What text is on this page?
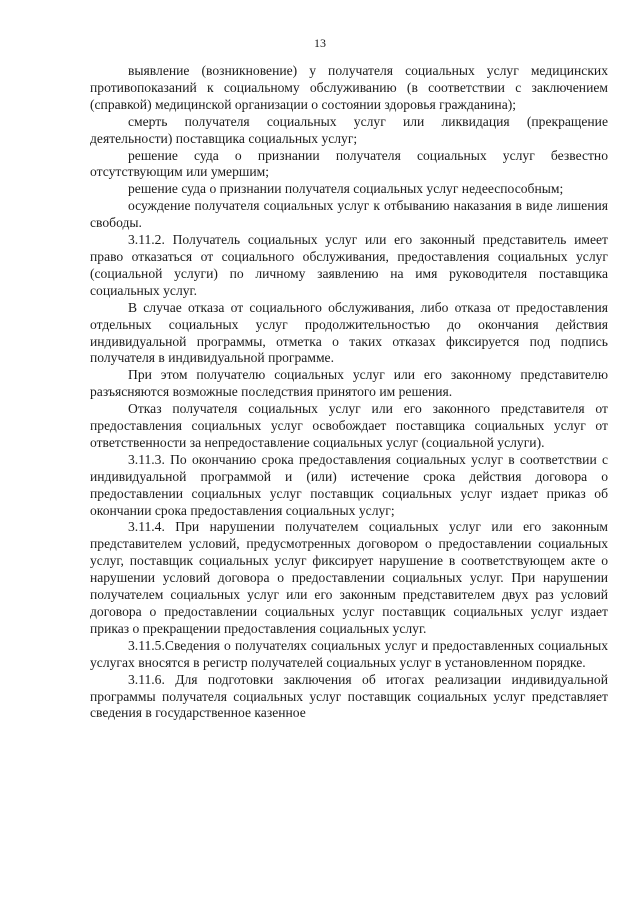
13

выявление (возникновение) у получателя социальных услуг медицинских противопоказаний к социальному обслуживанию (в соответствии с заключением (справкой) медицинской организации о состоянии здоровья гражданина);

смерть получателя социальных услуг или ликвидация (прекращение деятельности) поставщика социальных услуг;

решение суда о признании получателя социальных услуг безвестно отсутствующим или умершим;

решение суда о признании получателя социальных услуг недееспособным;

осуждение получателя социальных услуг к отбыванию наказания в виде лишения свободы.

3.11.2. Получатель социальных услуг или его законный представитель имеет право отказаться от социального обслуживания, предоставления социальных услуг (социальной услуги) по личному заявлению на имя руководителя поставщика социальных услуг.

В случае отказа от социального обслуживания, либо отказа от предоставления отдельных социальных услуг продолжительностью до окончания действия индивидуальной программы, отметка о таких отказах фиксируется под подпись получателя в индивидуальной программе.

При этом получателю социальных услуг или его законному представителю разъясняются возможные последствия принятого им решения.

Отказ получателя социальных услуг или его законного представителя от предоставления социальных услуг освобождает поставщика социальных услуг от ответственности за непредоставление социальных услуг (социальной услуги).

3.11.3. По окончанию срока предоставления социальных услуг в соответствии с индивидуальной программой и (или) истечение срока действия договора о предоставлении социальных услуг поставщик социальных услуг издает приказ об окончании срока предоставления социальных услуг;

3.11.4. При нарушении получателем социальных услуг или его законным представителем условий, предусмотренных договором о предоставлении социальных услуг, поставщик социальных услуг фиксирует нарушение в соответствующем акте о нарушении условий договора о предоставлении социальных услуг. При нарушении получателем социальных услуг или его законным представителем двух раз условий договора о предоставлении социальных услуг поставщик социальных услуг издает приказ о прекращении предоставления социальных услуг.

3.11.5.Сведения о получателях социальных услуг и предоставленных социальных услугах вносятся в регистр получателей социальных услуг в установленном порядке.

3.11.6. Для подготовки заключения об итогах реализации индивидуальной программы получателя социальных услуг поставщик социальных услуг представляет сведения в государственное казенное
